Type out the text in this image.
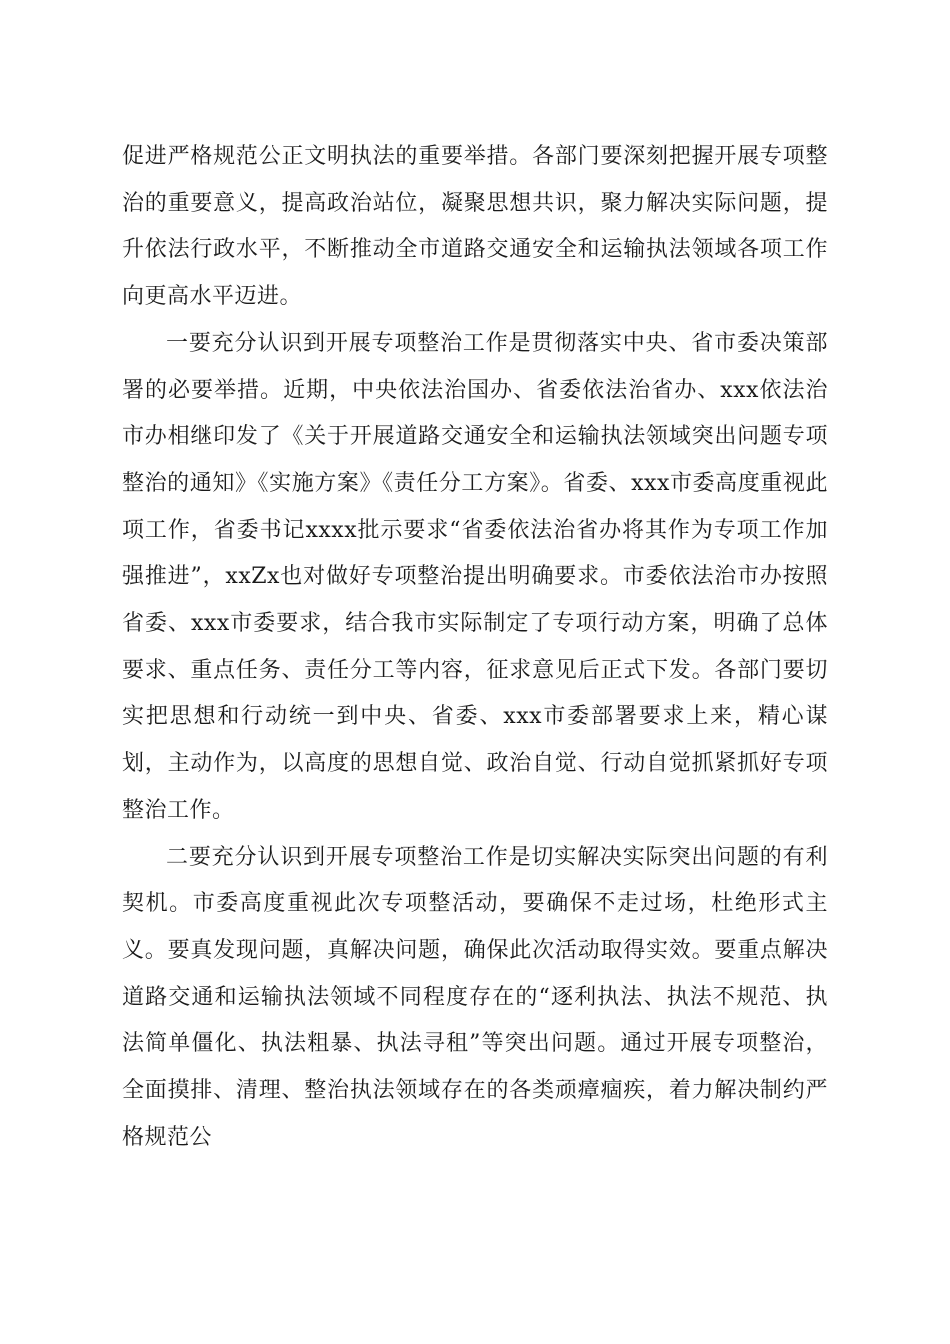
促进严格规范公正文明执法的重要举措。各部门要深刻把握开展专项整治的重要意义，提高政治站位，凝聚思想共识，聚力解决实际问题，提升依法行政水平，不断推动全市道路交通安全和运输执法领域各项工作向更高水平迈进。

一要充分认识到开展专项整治工作是贯彻落实中央、省市委决策部署的必要举措。近期，中央依法治国办、省委依法治省办、xxx依法治市办相继印发了《关于开展道路交通安全和运输执法领域突出问题专项整治的通知》《实施方案》《责任分工方案》。省委、xxx市委高度重视此项工作，省委书记xxxx批示要求“省委依法治省办将其作为专项工作加强推进”，xxZx也对做好专项整治提出明确要求。市委依法治市办按照省委、xxx市委要求，结合我市实际制定了专项行动方案，明确了总体要求、重点任务、责任分工等内容，征求意见后正式下发。各部门要切实把思想和行动统一到中央、省委、xxx市委部署要求上来，精心谋划，主动作为，以高度的思想自觉、政治自觉、行动自觉抓紧抓好专项整治工作。

二要充分认识到开展专项整治工作是切实解决实际突出问题的有利契机。市委高度重视此次专项整活动，要确保不走过场，杜绝形式主义。要真发现问题，真解决问题，确保此次活动取得实效。要重点解决道路交通和运输执法领域不同程度存在的“逐利执法、执法不规范、执法简单僵化、执法粗暴、执法寻租”等突出问题。通过开展专项整治，全面摸排、清理、整治执法领域存在的各类顽瘴痼疾，着力解决制约严格规范公
